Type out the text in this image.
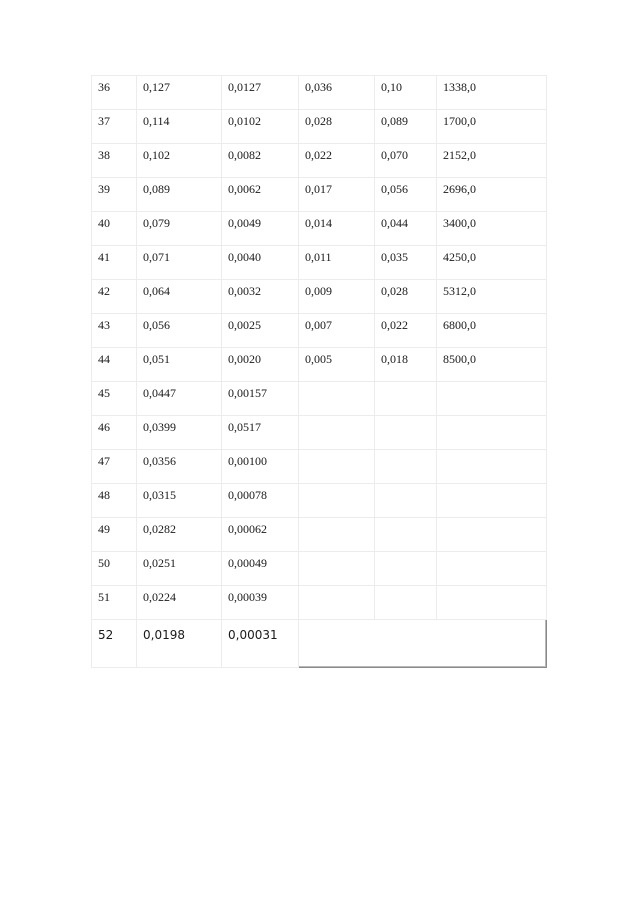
36	0,127	0,0127	0,036	0,10	1338,0

37	0,114	0,0102	0,028	0,089	1700,0

38	0,102	0,0082	0,022	0,070	2152,0

39	0,089	0,0062	0,017	0,056	2696,0

40	0,079	0,0049	0,014	0,044	3400,0

41	0,071	0,0040	0,011	0,035	4250,0

42	0,064	0,0032	0,009	0,028	5312,0

43	0,056	0,0025	0,007	0,022	6800,0

44	0,051	0,0020	0,005	0,018	8500,0

45	0,0447	0,00157			

46	0,0399	0,0517			

47	0,0356	0,00100			

48	0,0315	0,00078			

49	0,0282	0,00062			

50	0,0251	0,00049			

51	0,0224	0,00039			

52	0,0198	0,00031			
